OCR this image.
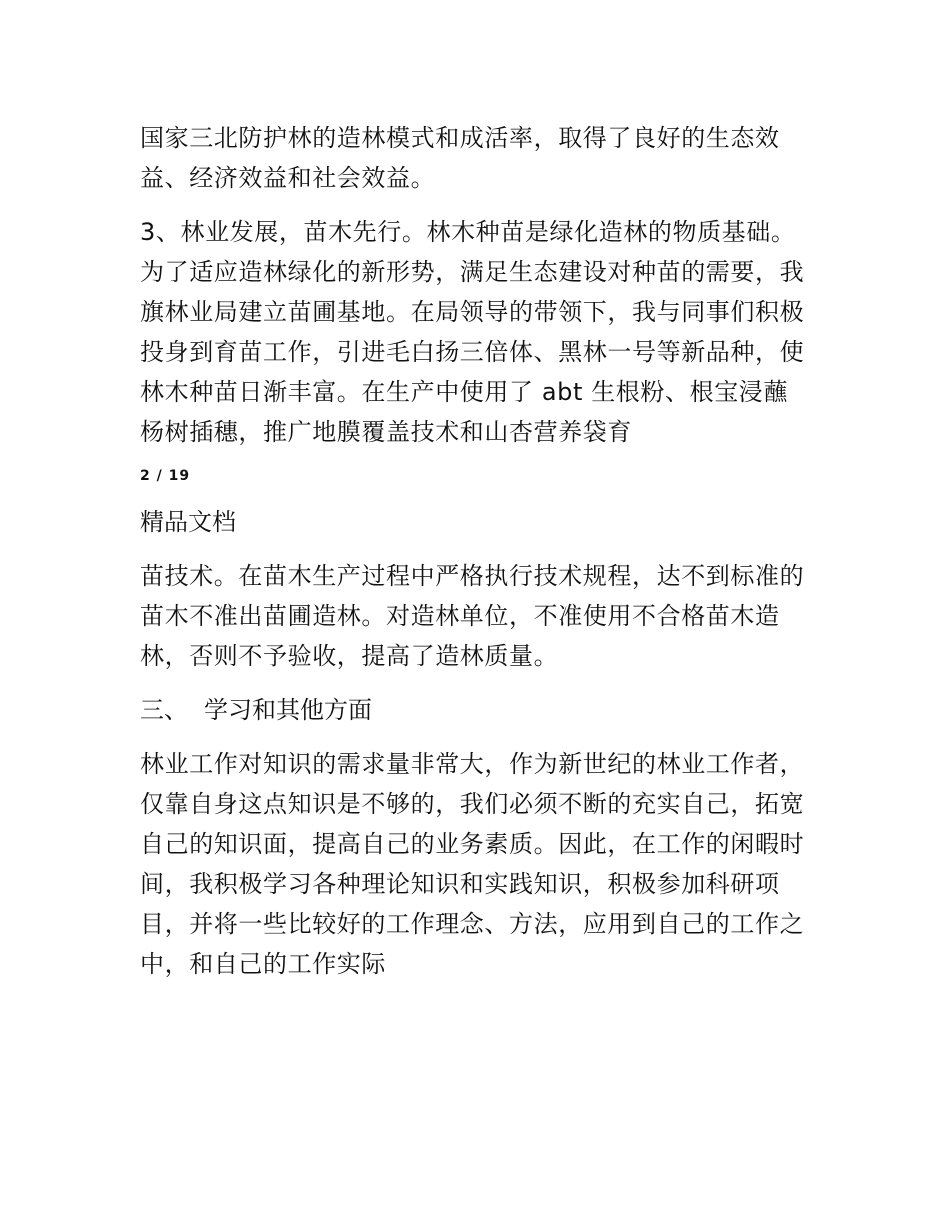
国家三北防护林的造林模式和成活率，取得了良好的生态效益、经济效益和社会效益。

3、林业发展，苗木先行。林木种苗是绿化造林的物质基础。为了适应造林绿化的新形势，满足生态建设对种苗的需要，我旗林业局建立苗圃基地。在局领导的带领下，我与同事们积极投身到育苗工作，引进毛白扬三倍体、黑林一号等新品种，使林木种苗日渐丰富。在生产中使用了 abt 生根粉、根宝浸蘸杨树插穗，推广地膜覆盖技术和山杏营养袋育

2 / 19
精品文档

苗技术。在苗木生产过程中严格执行技术规程，达不到标准的苗木不准出苗圃造林。对造林单位，不准使用不合格苗木造林，否则不予验收，提高了造林质量。

三、 学习和其他方面

林业工作对知识的需求量非常大，作为新世纪的林业工作者，仅靠自身这点知识是不够的，我们必须不断的充实自己，拓宽自己的知识面，提高自己的业务素质。因此，在工作的闲暇时间，我积极学习各种理论知识和实践知识，积极参加科研项目，并将一些比较好的工作理念、方法，应用到自己的工作之中，和自己的工作实际
